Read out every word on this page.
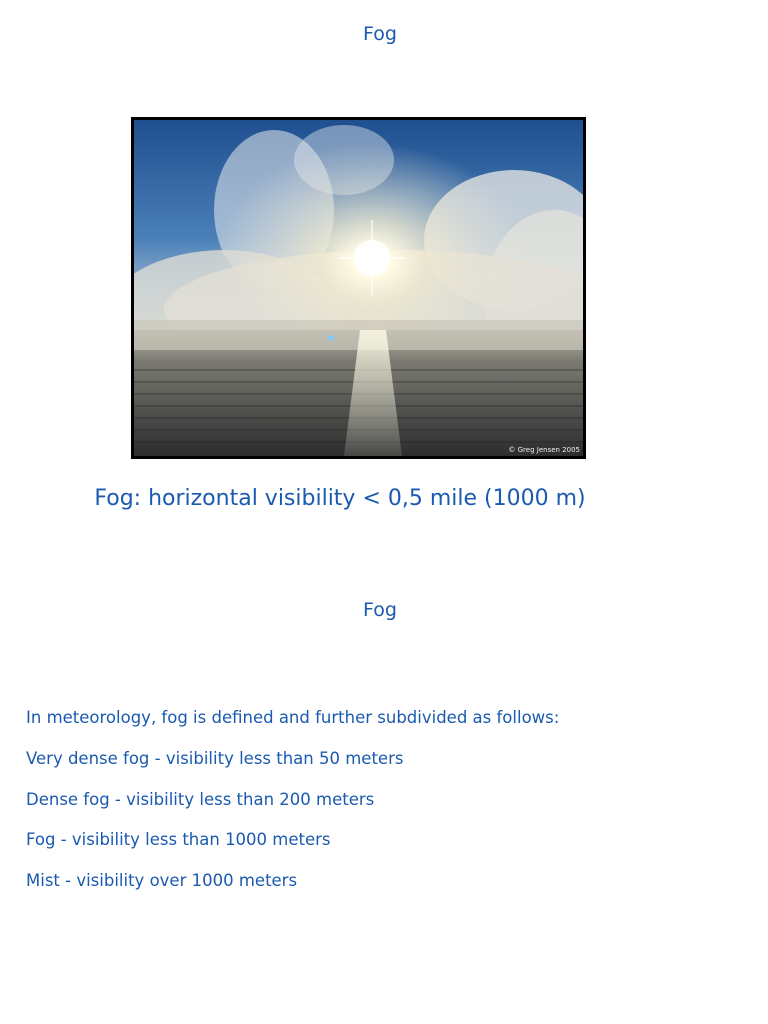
Fog
© Greg Jensen 2005
Fog: horizontal visibility < 0,5 mile (1000 m)
Fog
In meteorology, fog is defined and further subdivided as follows:
Very dense fog - visibility less than 50 meters
Dense fog - visibility less than 200 meters
Fog - visibility less than 1000 meters
Mist - visibility over 1000 meters
